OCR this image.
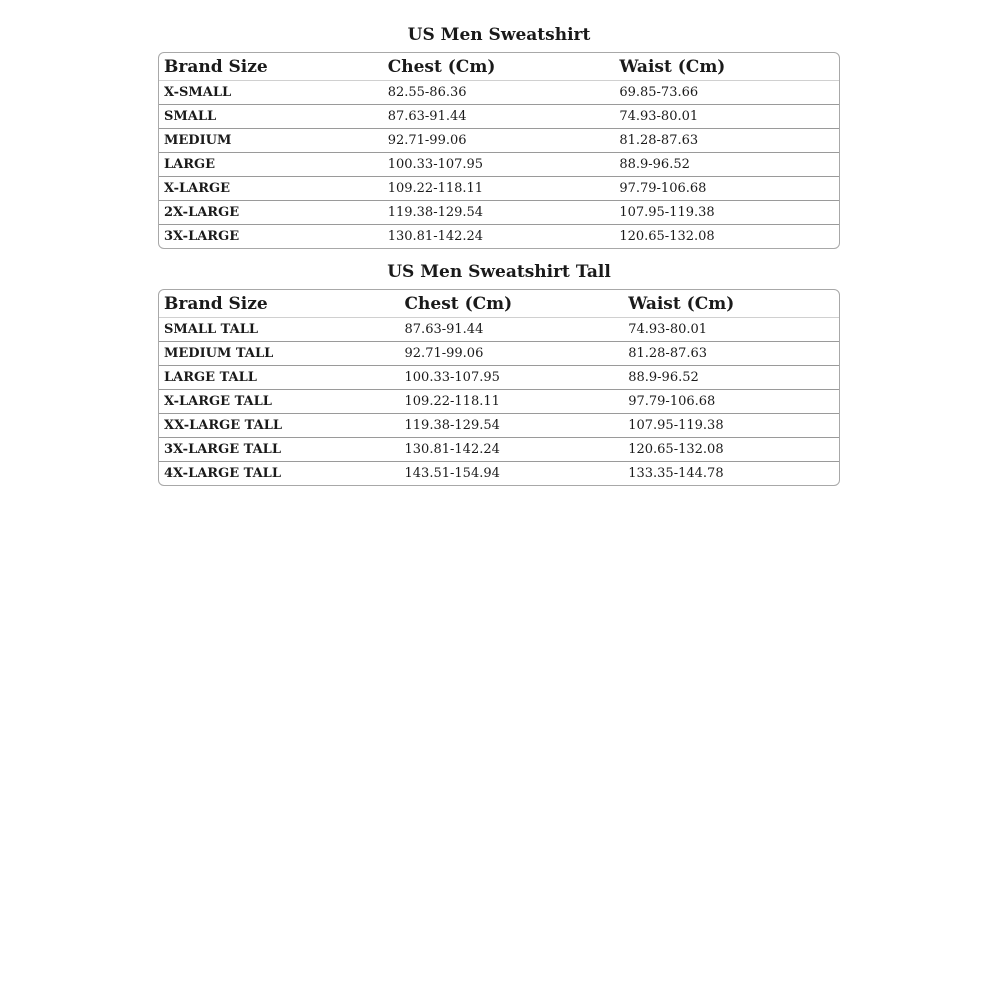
US Men Sweatshirt
Brand Size	Chest (Cm)	Waist (Cm)
X-SMALL	82.55-86.36	69.85-73.66
SMALL	87.63-91.44	74.93-80.01
MEDIUM	92.71-99.06	81.28-87.63
LARGE	100.33-107.95	88.9-96.52
X-LARGE	109.22-118.11	97.79-106.68
2X-LARGE	119.38-129.54	107.95-119.38
3X-LARGE	130.81-142.24	120.65-132.08
US Men Sweatshirt Tall
Brand Size	Chest (Cm)	Waist (Cm)
SMALL TALL	87.63-91.44	74.93-80.01
MEDIUM TALL	92.71-99.06	81.28-87.63
LARGE TALL	100.33-107.95	88.9-96.52
X-LARGE TALL	109.22-118.11	97.79-106.68
XX-LARGE TALL	119.38-129.54	107.95-119.38
3X-LARGE TALL	130.81-142.24	120.65-132.08
4X-LARGE TALL	143.51-154.94	133.35-144.78
